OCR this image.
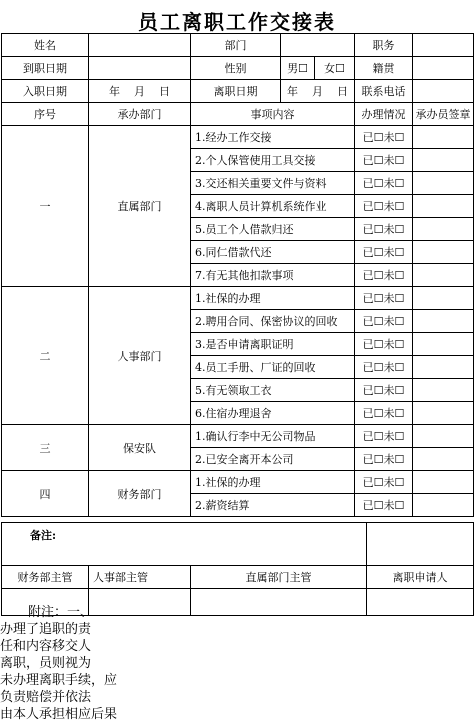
员工离职工作交接表
姓名		部门			职务	
到职日期		性别	男☐	女☐	籍贯	
入职日期	年    月    日	离职日期	年    月    日		联系电话	
序号	承办部门	事项内容			办理情况	承办员签章
一	直属部门	1.经办工作交接			已☐未☐	
		2.个人保管使用工具交接			已☐未☐	
		3.交还相关重要文件与资料			已☐未☐	
		4.离职人员计算机系统作业			已☐未☐	
		5.员工个人借款归还			已☐未☐	
		6.同仁借款代还			已☐未☐	
		7.有无其他扣款事项			已☐未☐	
二	人事部门	1.社保的办理			已☐未☐	
		2.聘用合同、保密协议的回收			已☐未☐	
		3.是否申请离职证明			已☐未☐	
		4.员工手册、厂证的回收			已☐未☐	
		5.有无领取工衣			已☐未☐	
		6.住宿办理退舍			已☐未☐	
三	保安队	1.确认行李中无公司物品			已☐未☐	
		2.已安全离开本公司			已☐未☐	
四	财务部门	1.社保的办理			已☐未☐	
		2.薪资结算			已☐未☐	
备注:			
财务部主管	人事部主管	直属部门主管	离职申请人

附注：一、
办理了追职的责
任和内容移交人
离职，员则视为
未办理离职手续，应
负责赔偿并依法
由本人承担相应后果
